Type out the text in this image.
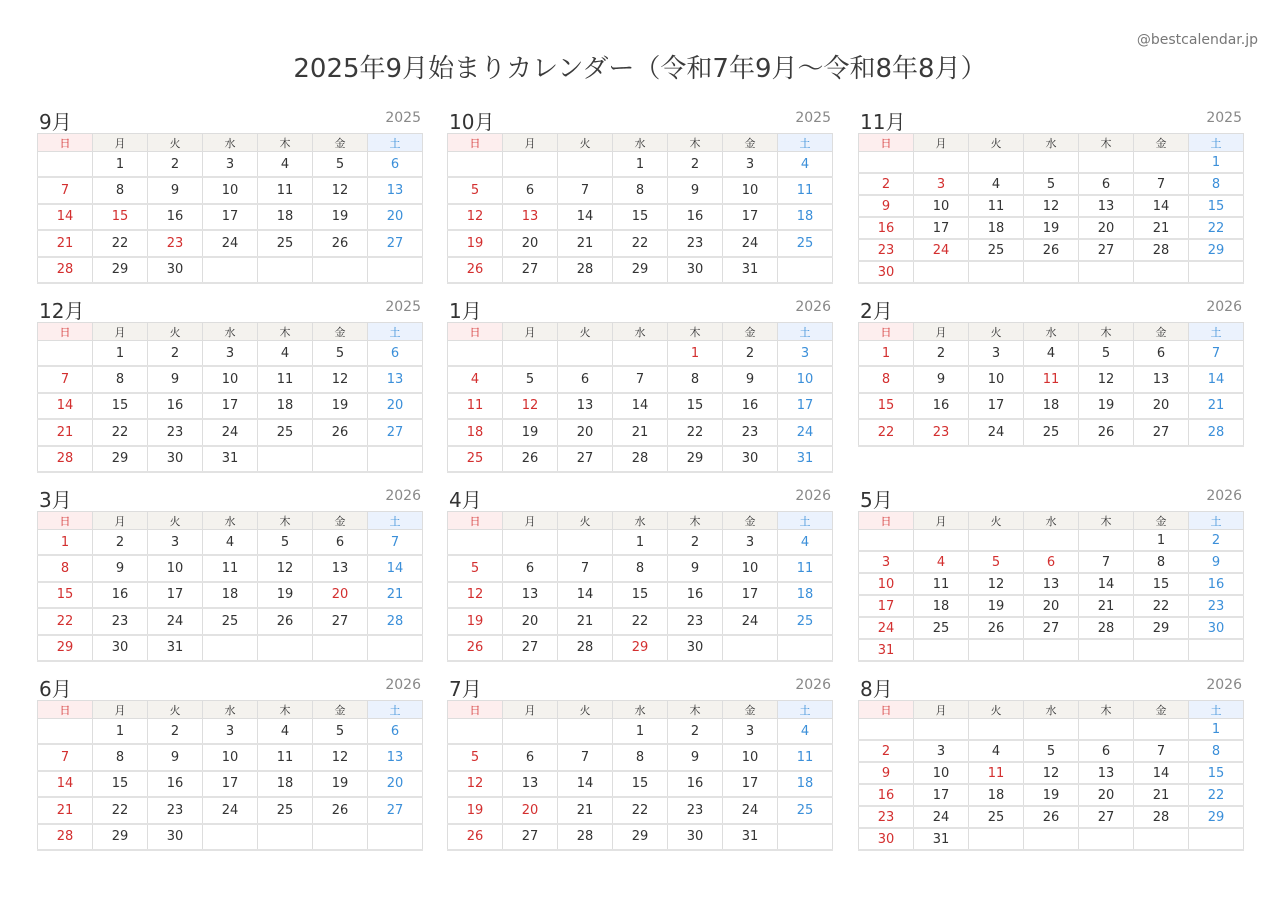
2025年9月始まりカレンダー（令和7年9月～令和8年8月）
@bestcalendar.jp
9月	2025
日	月	火	水	木	金	土
	1	2	3	4	5	6
7	8	9	10	11	12	13
14	15	16	17	18	19	20
21	22	23	24	25	26	27
28	29	30				
10月	2025
日	月	火	水	木	金	土
			1	2	3	4
5	6	7	8	9	10	11
12	13	14	15	16	17	18
19	20	21	22	23	24	25
26	27	28	29	30	31	
11月	2025
日	月	火	水	木	金	土
						1
2	3	4	5	6	7	8
9	10	11	12	13	14	15
16	17	18	19	20	21	22
23	24	25	26	27	28	29
30						
12月	2025
日	月	火	水	木	金	土
	1	2	3	4	5	6
7	8	9	10	11	12	13
14	15	16	17	18	19	20
21	22	23	24	25	26	27
28	29	30	31			
1月	2026
日	月	火	水	木	金	土
				1	2	3
4	5	6	7	8	9	10
11	12	13	14	15	16	17
18	19	20	21	22	23	24
25	26	27	28	29	30	31
2月	2026
日	月	火	水	木	金	土
1	2	3	4	5	6	7
8	9	10	11	12	13	14
15	16	17	18	19	20	21
22	23	24	25	26	27	28
3月	2026
日	月	火	水	木	金	土
1	2	3	4	5	6	7
8	9	10	11	12	13	14
15	16	17	18	19	20	21
22	23	24	25	26	27	28
29	30	31				
4月	2026
日	月	火	水	木	金	土
			1	2	3	4
5	6	7	8	9	10	11
12	13	14	15	16	17	18
19	20	21	22	23	24	25
26	27	28	29	30		
5月	2026
日	月	火	水	木	金	土
					1	2
3	4	5	6	7	8	9
10	11	12	13	14	15	16
17	18	19	20	21	22	23
24	25	26	27	28	29	30
31						
6月	2026
日	月	火	水	木	金	土
	1	2	3	4	5	6
7	8	9	10	11	12	13
14	15	16	17	18	19	20
21	22	23	24	25	26	27
28	29	30				
7月	2026
日	月	火	水	木	金	土
			1	2	3	4
5	6	7	8	9	10	11
12	13	14	15	16	17	18
19	20	21	22	23	24	25
26	27	28	29	30	31	
8月	2026
日	月	火	水	木	金	土
						1
2	3	4	5	6	7	8
9	10	11	12	13	14	15
16	17	18	19	20	21	22
23	24	25	26	27	28	29
30	31					
